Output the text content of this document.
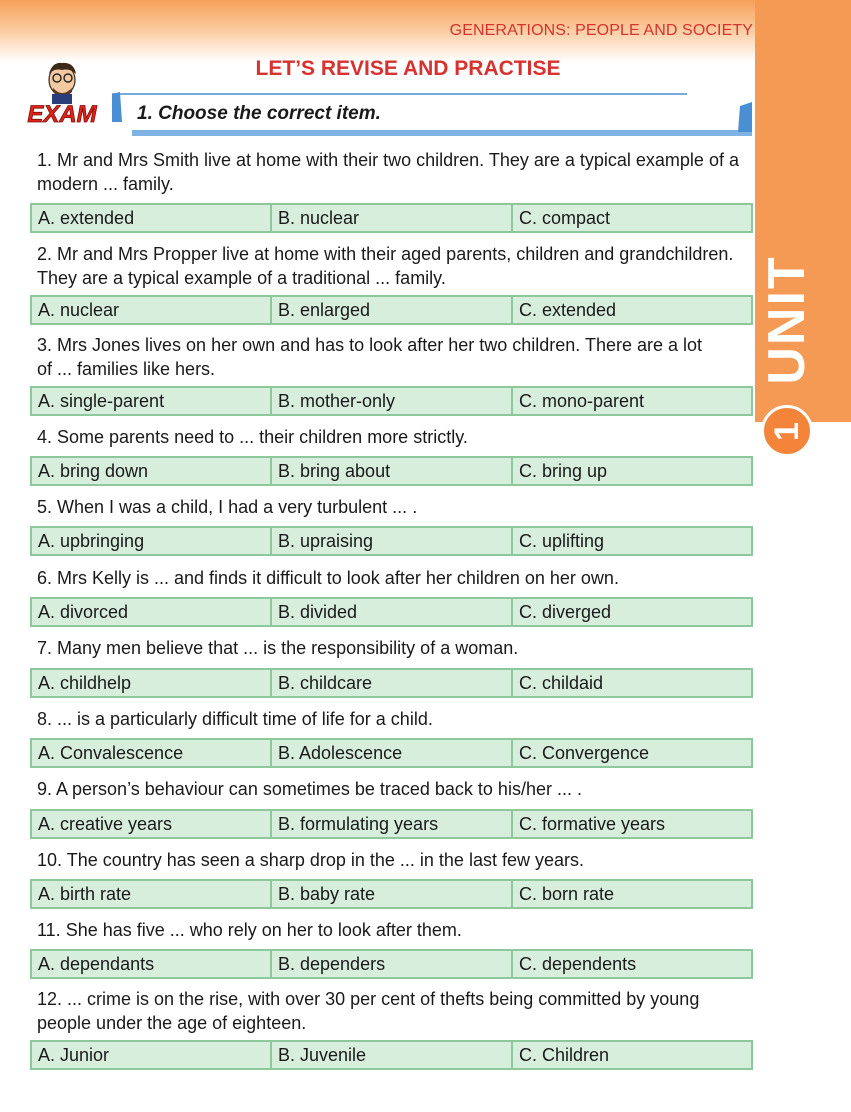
GENERATIONS: PEOPLE AND SOCIETY
LET’S REVISE AND PRACTISE
EXAM 1. Choose the correct item.
UNIT
1
1. Mr and Mrs Smith live at home with their two children. They are a typical example of a modern ... family.
A. extended	B. nuclear	C. compact
2. Mr and Mrs Propper live at home with their aged parents, children and grandchildren. They are a typical example of a traditional ... family.
A. nuclear	B. enlarged	C. extended
3. Mrs Jones lives on her own and has to look after her two children. There are a lot of ... families like hers.
A. single-parent	B. mother-only	C. mono-parent
4. Some parents need to ... their children more strictly.
A. bring down	B. bring about	C. bring up
5. When I was a child, I had a very turbulent ... .
A. upbringing	B. upraising	C. uplifting
6. Mrs Kelly is ... and finds it difficult to look after her children on her own.
A. divorced	B. divided	C. diverged
7. Many men believe that ... is the responsibility of a woman.
A. childhelp	B. childcare	C. childaid
8. ... is a particularly difficult time of life for a child.
A. Convalescence	B. Adolescence	C. Convergence
9. A person’s behaviour can sometimes be traced back to his/her ... .
A. creative years	B. formulating years	C. formative years
10. The country has seen a sharp drop in the ... in the last few years.
A. birth rate	B. baby rate	C. born rate
11. She has five ... who rely on her to look after them.
A. dependants	B. dependers	C. dependents
12. ... crime is on the rise, with over 30 per cent of thefts being committed by young people under the age of eighteen.
A. Junior	B. Juvenile	C. Children
